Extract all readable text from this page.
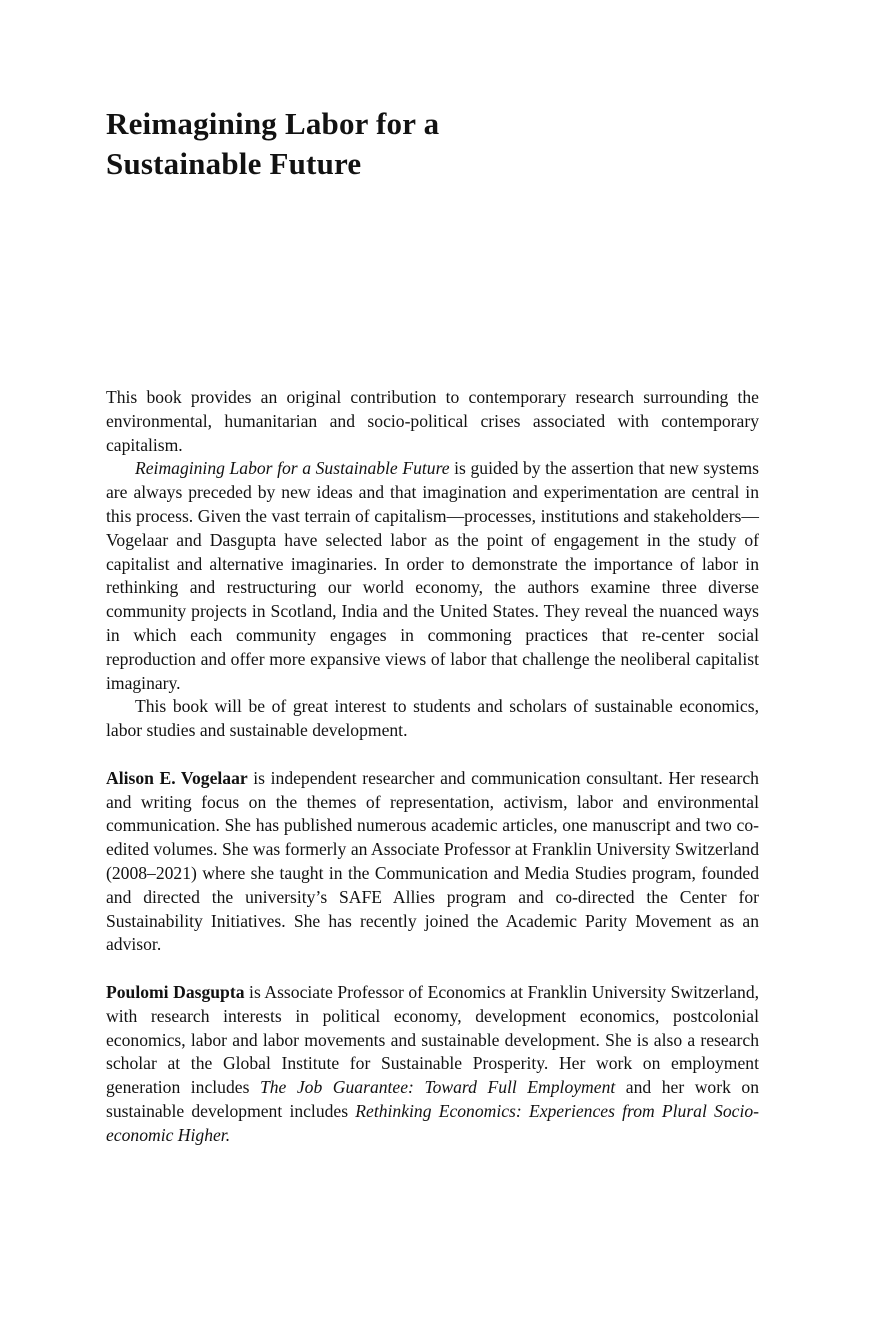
Reimagining Labor for a
Sustainable Future

This book provides an original contribution to contemporary research surrounding the environmental, humanitarian and socio-political crises associated with contemporary capitalism.

Reimagining Labor for a Sustainable Future is guided by the assertion that new systems are always preceded by new ideas and that imagination and experimentation are central in this process. Given the vast terrain of capitalism—processes, institutions and stakeholders—Vogelaar and Dasgupta have selected labor as the point of engagement in the study of capitalist and alternative imaginaries. In order to demonstrate the importance of labor in rethinking and restructuring our world economy, the authors examine three diverse community projects in Scotland, India and the United States. They reveal the nuanced ways in which each community engages in commoning practices that re-center social reproduction and offer more expansive views of labor that challenge the neoliberal capitalist imaginary.

This book will be of great interest to students and scholars of sustainable economics, labor studies and sustainable development.

Alison E. Vogelaar is independent researcher and communication consultant. Her research and writing focus on the themes of representation, activism, labor and environmental communication. She has published numerous academic articles, one manuscript and two co-edited volumes. She was formerly an Associate Professor at Franklin University Switzerland (2008–2021) where she taught in the Communication and Media Studies program, founded and directed the university’s SAFE Allies program and co-directed the Center for Sustainability Initiatives. She has recently joined the Academic Parity Movement as an advisor.

Poulomi Dasgupta is Associate Professor of Economics at Franklin University Switzerland, with research interests in political economy, development economics, postcolonial economics, labor and labor movements and sustainable development. She is also a research scholar at the Global Institute for Sustainable Prosperity. Her work on employment generation includes The Job Guarantee: Toward Full Employment and her work on sustainable development includes Rethinking Economics: Experiences from Plural Socio-economic Higher.
